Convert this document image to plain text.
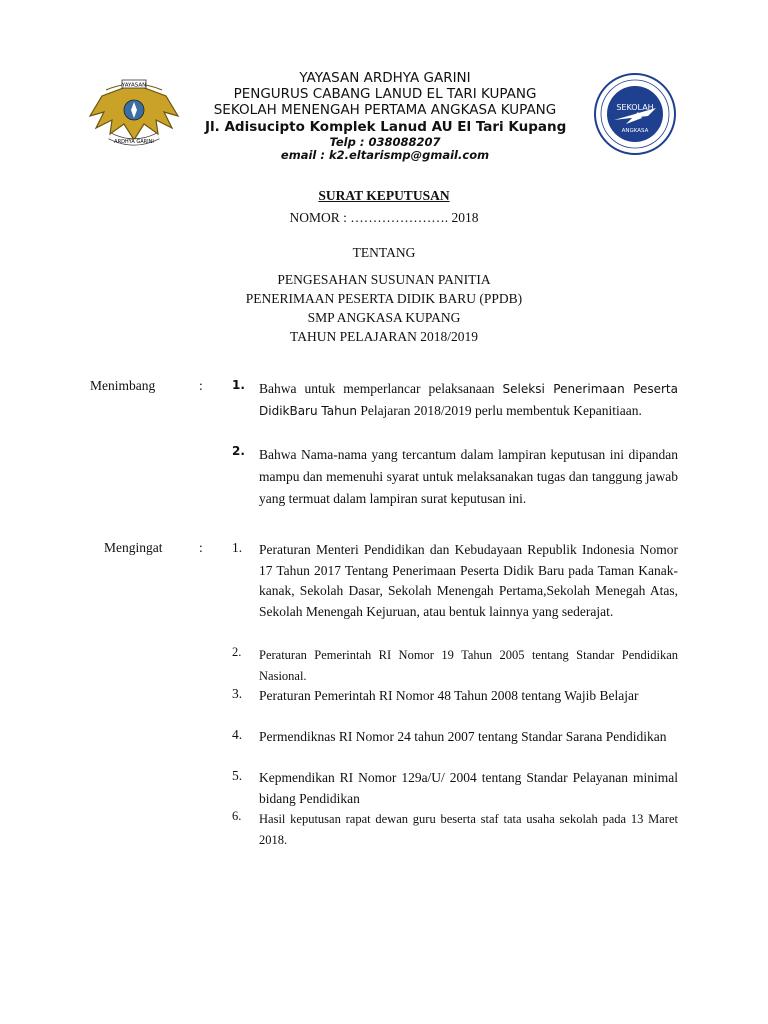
YAYASAN
ARDHYA GARINI
SEKOLAH
ANGKASA
YAYASAN ARDHYA GARINI
PENGURUS CABANG LANUD EL TARI KUPANG
SEKOLAH MENENGAH PERTAMA ANGKASA KUPANG
Jl. Adisucipto Komplek Lanud AU El Tari Kupang
Telp : 038088207
email : k2.eltarismp@gmail.com
SURAT KEPUTUSAN
NOMOR : …………………. 2018
TENTANG
PENGESAHAN SUSUNAN PANITIA
PENERIMAAN PESERTA DIDIK BARU (PPDB)
SMP ANGKASA KUPANG
TAHUN PELAJARAN 2018/2019
Menimbang	: 1.	Bahwa untuk memperlancar pelaksanaan Seleksi Penerimaan Peserta DidikBaru Tahun Pelajaran 2018/2019 perlu membentuk Kepanitiaan.
2.	Bahwa Nama-nama yang tercantum dalam lampiran keputusan ini dipandan mampu dan memenuhi syarat untuk melaksanakan tugas dan tanggung jawab yang termuat dalam lampiran surat keputusan ini.
Mengingat	: 1.	Peraturan Menteri Pendidikan dan Kebudayaan Republik Indonesia Nomor 17 Tahun 2017 Tentang Penerimaan Peserta Didik Baru pada Taman Kanak-kanak, Sekolah Dasar, Sekolah Menengah Pertama,Sekolah Menegah Atas, Sekolah Menengah Kejuruan, atau bentuk lainnya yang sederajat.
2.	Peraturan Pemerintah RI Nomor 19 Tahun 2005 tentang Standar Pendidikan Nasional.
3.	Peraturan Pemerintah RI Nomor 48 Tahun 2008 tentang Wajib Belajar
4.	Permendiknas RI Nomor 24 tahun 2007 tentang Standar Sarana Pendidikan
5.	Kepmendikan RI Nomor 129a/U/ 2004 tentang Standar Pelayanan minimal bidang Pendidikan
6.	Hasil keputusan rapat dewan guru beserta staf tata usaha sekolah pada 13 Maret 2018.
